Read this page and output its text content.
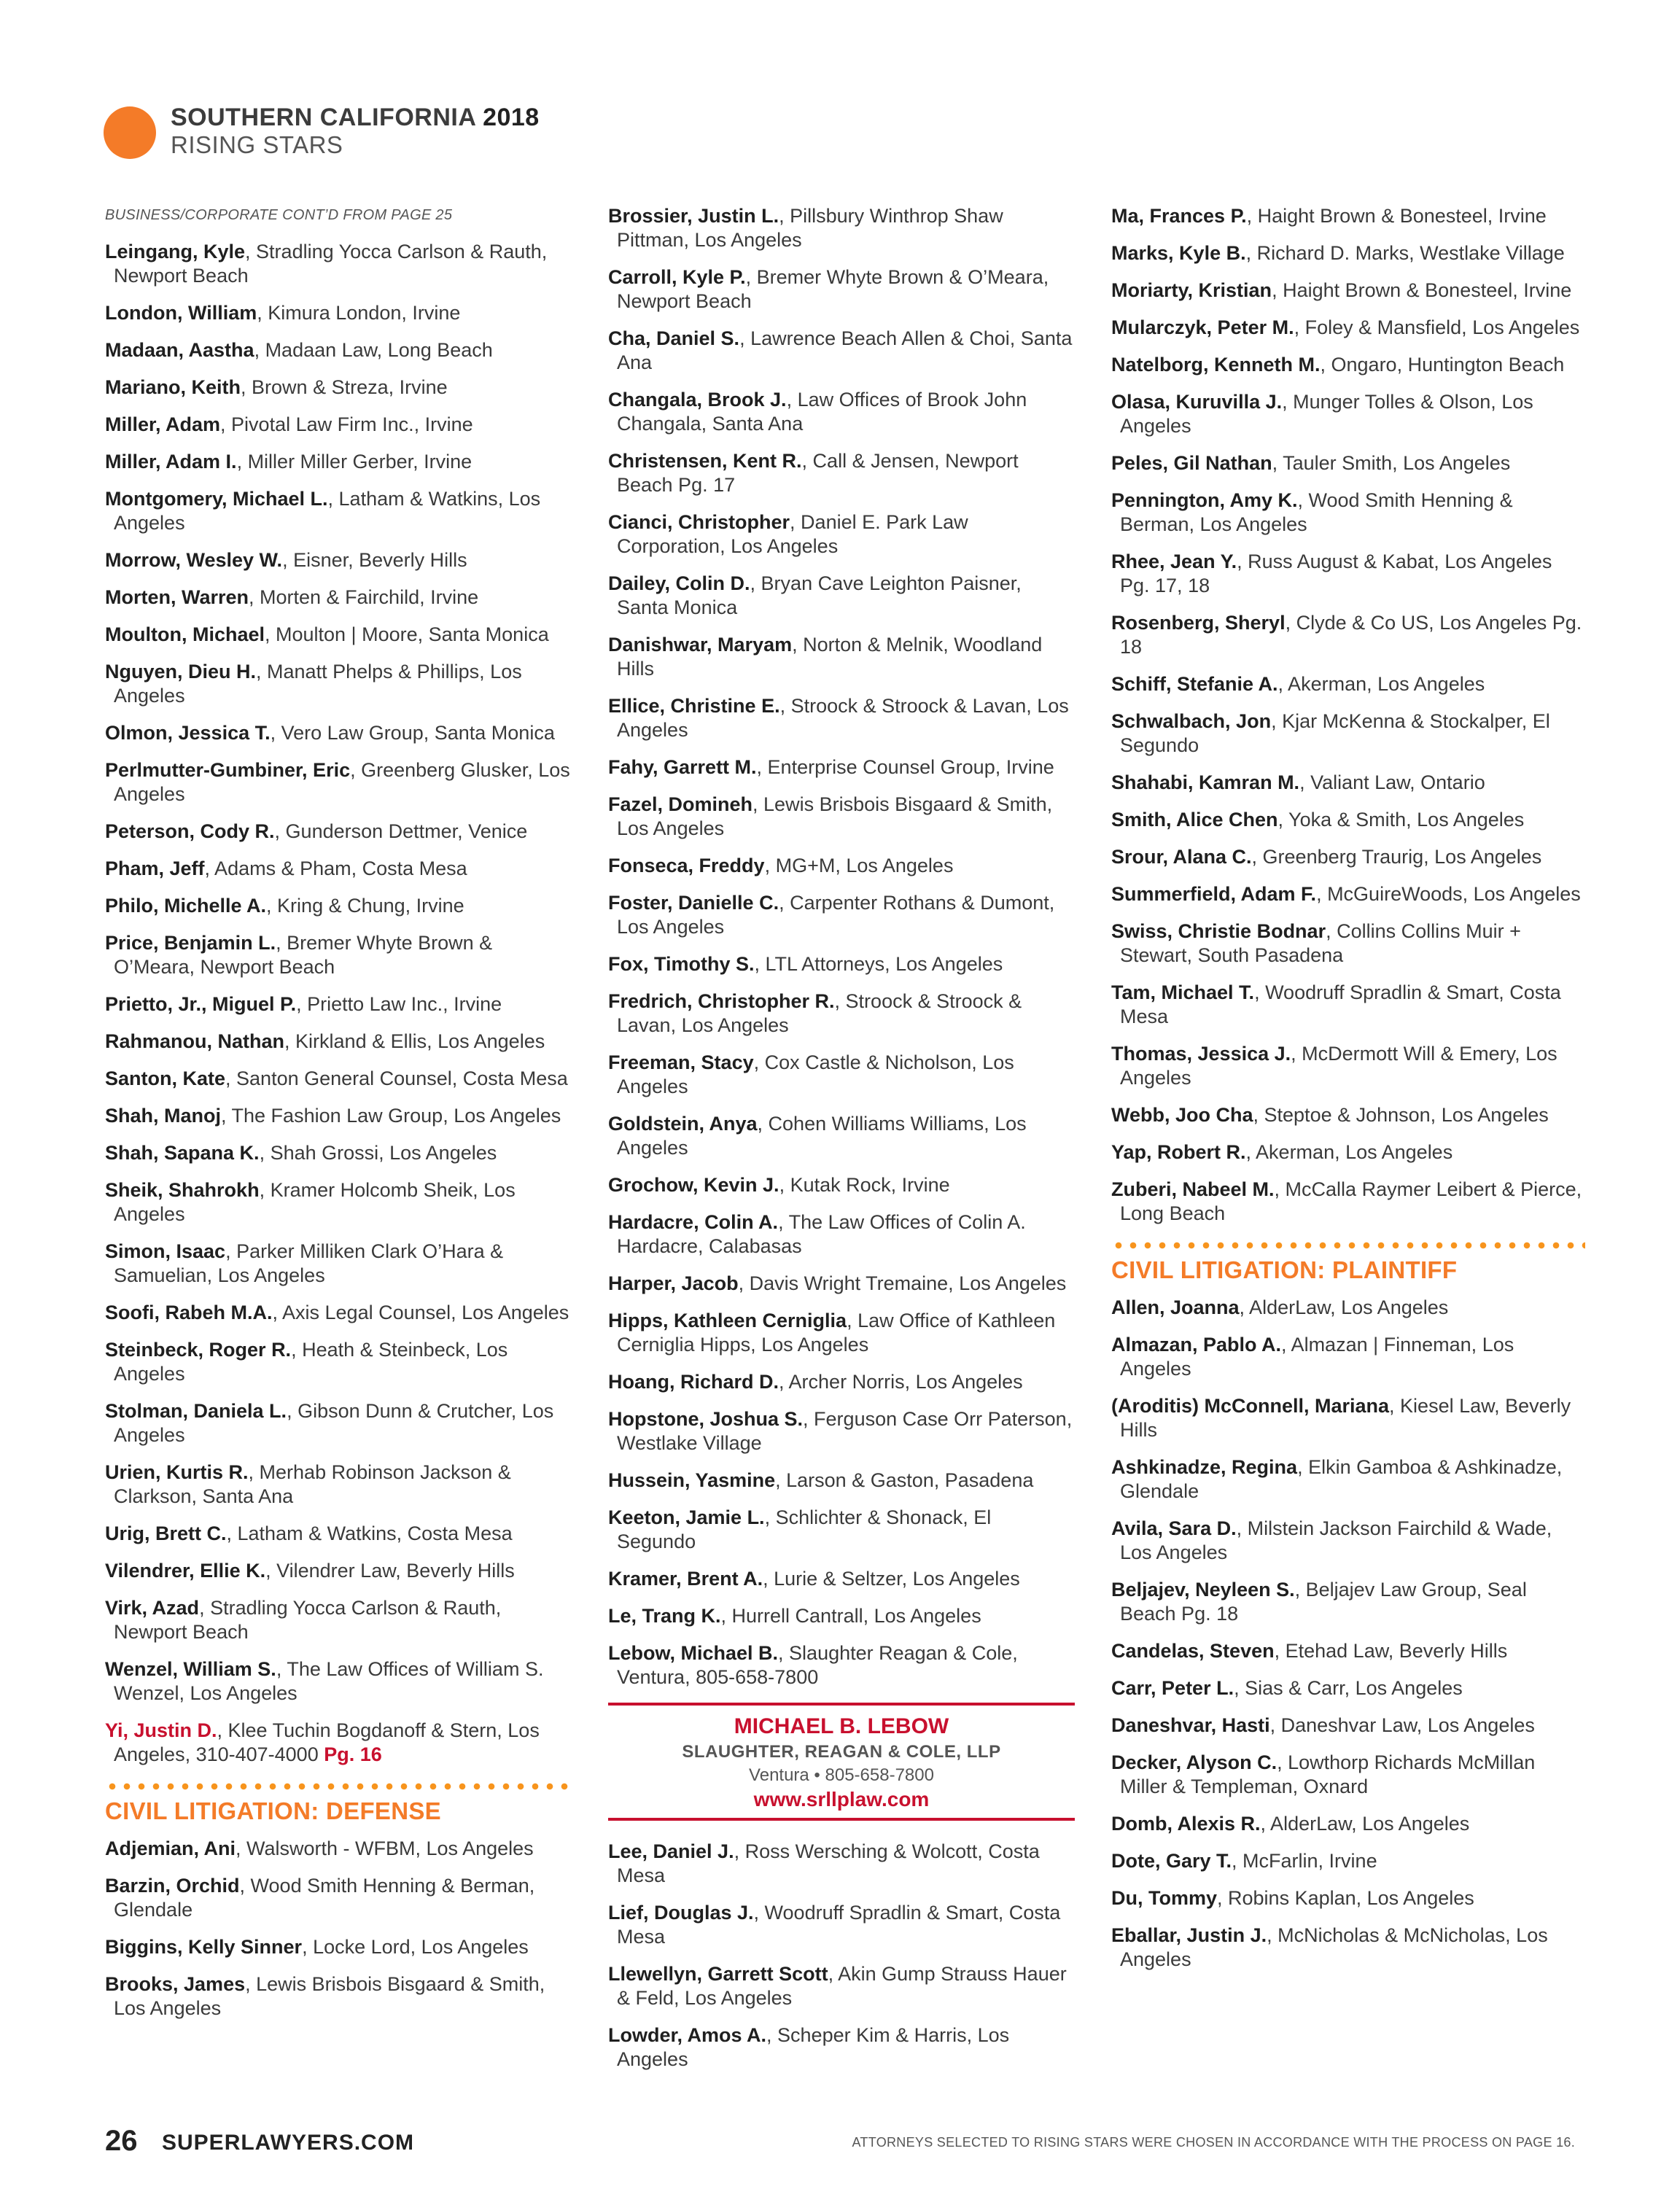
SOUTHERN CALIFORNIA 2018
RISING STARS
BUSINESS/CORPORATE CONT’D FROM PAGE 25
Leingang, Kyle, Stradling Yocca Carlson & Rauth, Newport Beach
London, William, Kimura London, Irvine
Madaan, Aastha, Madaan Law, Long Beach
Mariano, Keith, Brown & Streza, Irvine
Miller, Adam, Pivotal Law Firm Inc., Irvine
Miller, Adam I., Miller Miller Gerber, Irvine
Montgomery, Michael L., Latham & Watkins, Los Angeles
Morrow, Wesley W., Eisner, Beverly Hills
Morten, Warren, Morten & Fairchild, Irvine
Moulton, Michael, Moulton | Moore, Santa Monica
Nguyen, Dieu H., Manatt Phelps & Phillips, Los Angeles
Olmon, Jessica T., Vero Law Group, Santa Monica
Perlmutter-Gumbiner, Eric, Greenberg Glusker, Los Angeles
Peterson, Cody R., Gunderson Dettmer, Venice
Pham, Jeff, Adams & Pham, Costa Mesa
Philo, Michelle A., Kring & Chung, Irvine
Price, Benjamin L., Bremer Whyte Brown & O’Meara, Newport Beach
Prietto, Jr., Miguel P., Prietto Law Inc., Irvine
Rahmanou, Nathan, Kirkland & Ellis, Los Angeles
Santon, Kate, Santon General Counsel, Costa Mesa
Shah, Manoj, The Fashion Law Group, Los Angeles
Shah, Sapana K., Shah Grossi, Los Angeles
Sheik, Shahrokh, Kramer Holcomb Sheik, Los Angeles
Simon, Isaac, Parker Milliken Clark O’Hara & Samuelian, Los Angeles
Soofi, Rabeh M.A., Axis Legal Counsel, Los Angeles
Steinbeck, Roger R., Heath & Steinbeck, Los Angeles
Stolman, Daniela L., Gibson Dunn & Crutcher, Los Angeles
Urien, Kurtis R., Merhab Robinson Jackson & Clarkson, Santa Ana
Urig, Brett C., Latham & Watkins, Costa Mesa
Vilendrer, Ellie K., Vilendrer Law, Beverly Hills
Virk, Azad, Stradling Yocca Carlson & Rauth, Newport Beach
Wenzel, William S., The Law Offices of William S. Wenzel, Los Angeles
Yi, Justin D., Klee Tuchin Bogdanoff & Stern, Los Angeles, 310-407-4000 Pg. 16
CIVIL LITIGATION: DEFENSE
Adjemian, Ani, Walsworth - WFBM, Los Angeles
Barzin, Orchid, Wood Smith Henning & Berman, Glendale
Biggins, Kelly Sinner, Locke Lord, Los Angeles
Brooks, James, Lewis Brisbois Bisgaard & Smith, Los Angeles
Brossier, Justin L., Pillsbury Winthrop Shaw Pittman, Los Angeles
Carroll, Kyle P., Bremer Whyte Brown & O’Meara, Newport Beach
Cha, Daniel S., Lawrence Beach Allen & Choi, Santa Ana
Changala, Brook J., Law Offices of Brook John Changala, Santa Ana
Christensen, Kent R., Call & Jensen, Newport Beach Pg. 17
Cianci, Christopher, Daniel E. Park Law Corporation, Los Angeles
Dailey, Colin D., Bryan Cave Leighton Paisner, Santa Monica
Danishwar, Maryam, Norton & Melnik, Woodland Hills
Ellice, Christine E., Stroock & Stroock & Lavan, Los Angeles
Fahy, Garrett M., Enterprise Counsel Group, Irvine
Fazel, Domineh, Lewis Brisbois Bisgaard & Smith, Los Angeles
Fonseca, Freddy, MG+M, Los Angeles
Foster, Danielle C., Carpenter Rothans & Dumont, Los Angeles
Fox, Timothy S., LTL Attorneys, Los Angeles
Fredrich, Christopher R., Stroock & Stroock & Lavan, Los Angeles
Freeman, Stacy, Cox Castle & Nicholson, Los Angeles
Goldstein, Anya, Cohen Williams Williams, Los Angeles
Grochow, Kevin J., Kutak Rock, Irvine
Hardacre, Colin A., The Law Offices of Colin A. Hardacre, Calabasas
Harper, Jacob, Davis Wright Tremaine, Los Angeles
Hipps, Kathleen Cerniglia, Law Office of Kathleen Cerniglia Hipps, Los Angeles
Hoang, Richard D., Archer Norris, Los Angeles
Hopstone, Joshua S., Ferguson Case Orr Paterson, Westlake Village
Hussein, Yasmine, Larson & Gaston, Pasadena
Keeton, Jamie L., Schlichter & Shonack, El Segundo
Kramer, Brent A., Lurie & Seltzer, Los Angeles
Le, Trang K., Hurrell Cantrall, Los Angeles
Lebow, Michael B., Slaughter Reagan & Cole, Ventura, 805-658-7800
MICHAEL B. LEBOW
SLAUGHTER, REAGAN & COLE, LLP
Ventura • 805-658-7800
www.srllplaw.com
Lee, Daniel J., Ross Wersching & Wolcott, Costa Mesa
Lief, Douglas J., Woodruff Spradlin & Smart, Costa Mesa
Llewellyn, Garrett Scott, Akin Gump Strauss Hauer & Feld, Los Angeles
Lowder, Amos A., Scheper Kim & Harris, Los Angeles
Ma, Frances P., Haight Brown & Bonesteel, Irvine
Marks, Kyle B., Richard D. Marks, Westlake Village
Moriarty, Kristian, Haight Brown & Bonesteel, Irvine
Mularczyk, Peter M., Foley & Mansfield, Los Angeles
Natelborg, Kenneth M., Ongaro, Huntington Beach
Olasa, Kuruvilla J., Munger Tolles & Olson, Los Angeles
Peles, Gil Nathan, Tauler Smith, Los Angeles
Pennington, Amy K., Wood Smith Henning & Berman, Los Angeles
Rhee, Jean Y., Russ August & Kabat, Los Angeles Pg. 17, 18
Rosenberg, Sheryl, Clyde & Co US, Los Angeles Pg. 18
Schiff, Stefanie A., Akerman, Los Angeles
Schwalbach, Jon, Kjar McKenna & Stockalper, El Segundo
Shahabi, Kamran M., Valiant Law, Ontario
Smith, Alice Chen, Yoka & Smith, Los Angeles
Srour, Alana C., Greenberg Traurig, Los Angeles
Summerfield, Adam F., McGuireWoods, Los Angeles
Swiss, Christie Bodnar, Collins Collins Muir + Stewart, South Pasadena
Tam, Michael T., Woodruff Spradlin & Smart, Costa Mesa
Thomas, Jessica J., McDermott Will & Emery, Los Angeles
Webb, Joo Cha, Steptoe & Johnson, Los Angeles
Yap, Robert R., Akerman, Los Angeles
Zuberi, Nabeel M., McCalla Raymer Leibert & Pierce, Long Beach
CIVIL LITIGATION: PLAINTIFF
Allen, Joanna, AlderLaw, Los Angeles
Almazan, Pablo A., Almazan | Finneman, Los Angeles
(Aroditis) McConnell, Mariana, Kiesel Law, Beverly Hills
Ashkinadze, Regina, Elkin Gamboa & Ashkinadze, Glendale
Avila, Sara D., Milstein Jackson Fairchild & Wade, Los Angeles
Beljajev, Neyleen S., Beljajev Law Group, Seal Beach Pg. 18
Candelas, Steven, Etehad Law, Beverly Hills
Carr, Peter L., Sias & Carr, Los Angeles
Daneshvar, Hasti, Daneshvar Law, Los Angeles
Decker, Alyson C., Lowthorp Richards McMillan Miller & Templeman, Oxnard
Domb, Alexis R., AlderLaw, Los Angeles
Dote, Gary T., McFarlin, Irvine
Du, Tommy, Robins Kaplan, Los Angeles
Eballar, Justin J., McNicholas & McNicholas, Los Angeles
26 SUPERLAWYERS.COM	ATTORNEYS SELECTED TO RISING STARS WERE CHOSEN IN ACCORDANCE WITH THE PROCESS ON PAGE 16.
